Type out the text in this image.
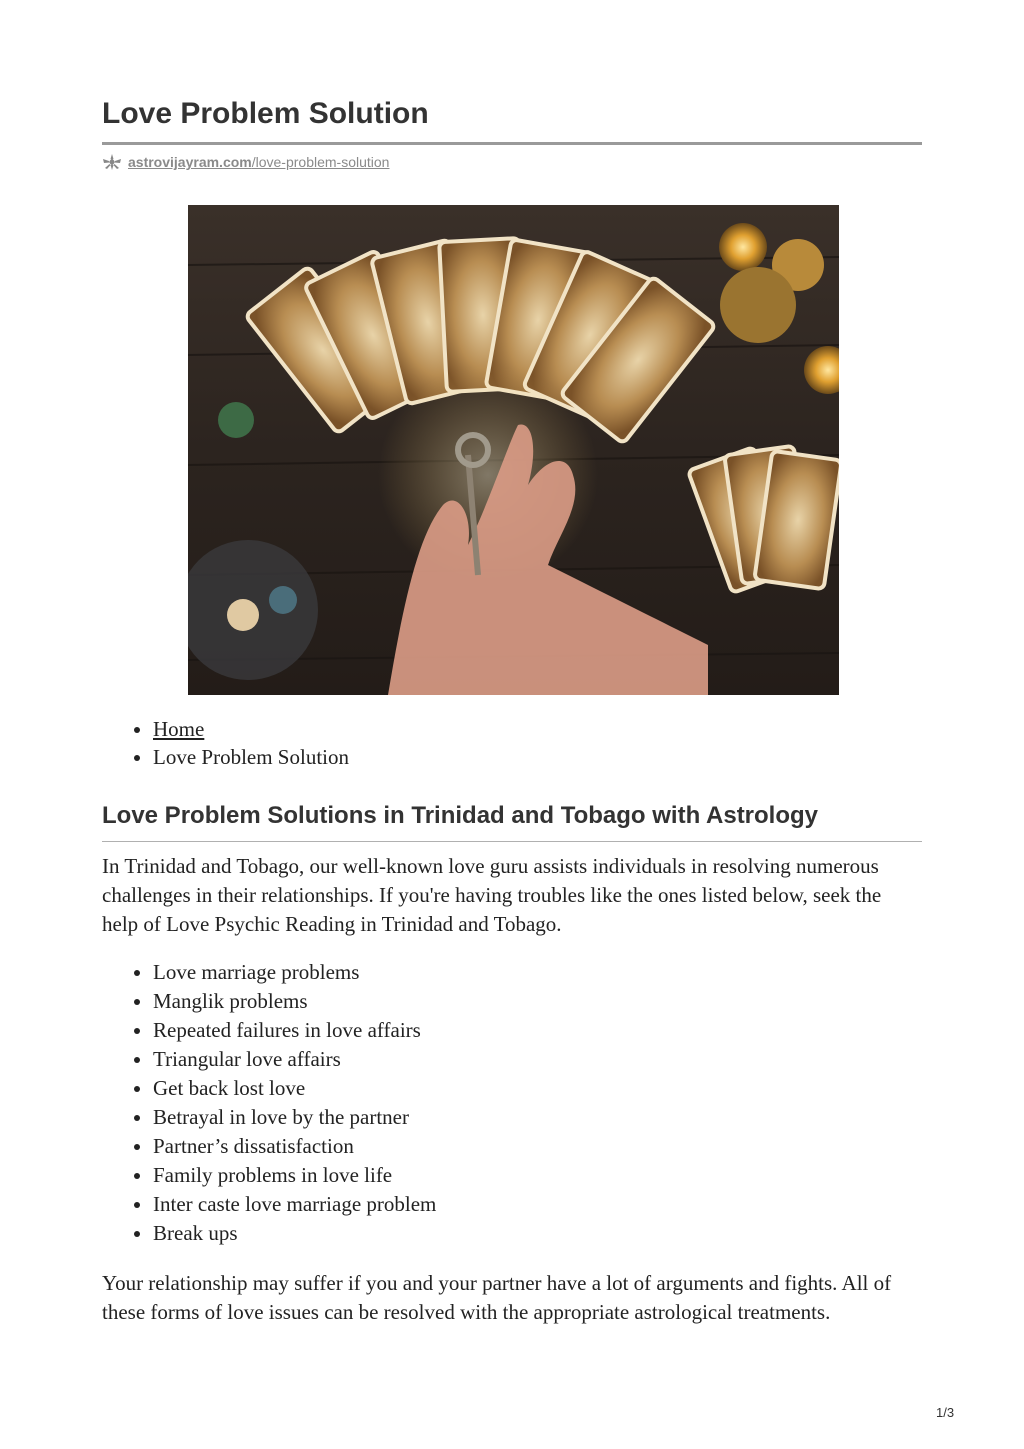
Love Problem Solution
astrovijayram.com/love-problem-solution
• Home
• Love Problem Solution
Love Problem Solutions in Trinidad and Tobago with Astrology

In Trinidad and Tobago, our well-known love guru assists individuals in resolving numerous challenges in their relationships. If you're having troubles like the ones listed below, seek the help of Love Psychic Reading in Trinidad and Tobago.

• Love marriage problems
• Manglik problems
• Repeated failures in love affairs
• Triangular love affairs
• Get back lost love
• Betrayal in love by the partner
• Partner’s dissatisfaction
• Family problems in love life
• Inter caste love marriage problem
• Break ups

Your relationship may suffer if you and your partner have a lot of arguments and fights. All of these forms of love issues can be resolved with the appropriate astrological treatments.

1/3
